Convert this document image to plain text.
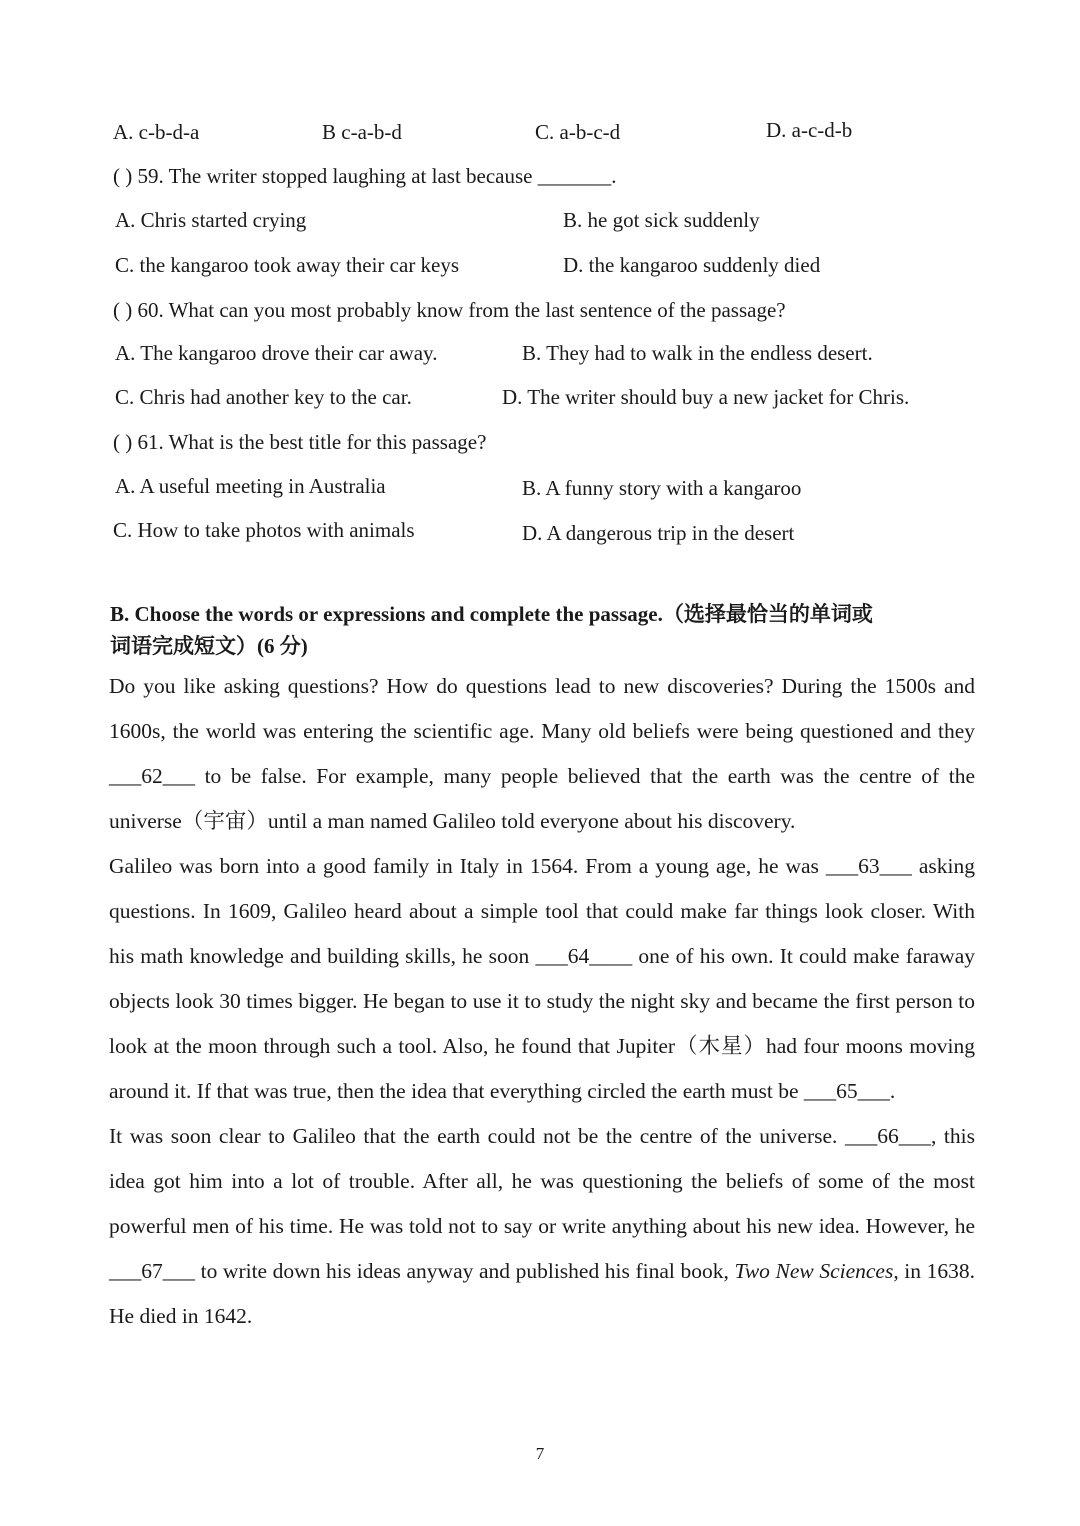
A. c-b-d-a	B c-a-b-d	C. a-b-c-d	D. a-c-d-b
( ) 59. The writer stopped laughing at last because _______.
A. Chris started crying	B. he got sick suddenly
C. the kangaroo took away their car keys	D. the kangaroo suddenly died
( ) 60. What can you most probably know from the last sentence of the passage?
A. The kangaroo drove their car away.	B. They had to walk in the endless desert.
C. Chris had another key to the car.	D. The writer should buy a new jacket for Chris.
( ) 61. What is the best title for this passage?
A. A useful meeting in Australia	B. A funny story with a kangaroo
C. How to take photos with animals	D. A dangerous trip in the desert
B. Choose the words or expressions and complete the passage.（选择最恰当的单词或
词语完成短文）(6 分)

Do you like asking questions? How do questions lead to new discoveries? During the 1500s and 1600s, the world was entering the scientific age. Many old beliefs were being questioned and they ___62___ to be false. For example, many people believed that the earth was the centre of the universe（宇宙）until a man named Galileo told everyone about his discovery.

Galileo was born into a good family in Italy in 1564. From a young age, he was ___63___ asking questions. In 1609, Galileo heard about a simple tool that could make far things look closer. With his math knowledge and building skills, he soon ___64____ one of his own. It could make faraway objects look 30 times bigger. He began to use it to study the night sky and became the first person to look at the moon through such a tool. Also, he found that Jupiter（木星）had four moons moving around it. If that was true, then the idea that everything circled the earth must be ___65___.

It was soon clear to Galileo that the earth could not be the centre of the universe. ___66___, this idea got him into a lot of trouble. After all, he was questioning the beliefs of some of the most powerful men of his time. He was told not to say or write anything about his new idea. However, he ___67___ to write down his ideas anyway and published his final book, Two New Sciences, in 1638. He died in 1642.

7
